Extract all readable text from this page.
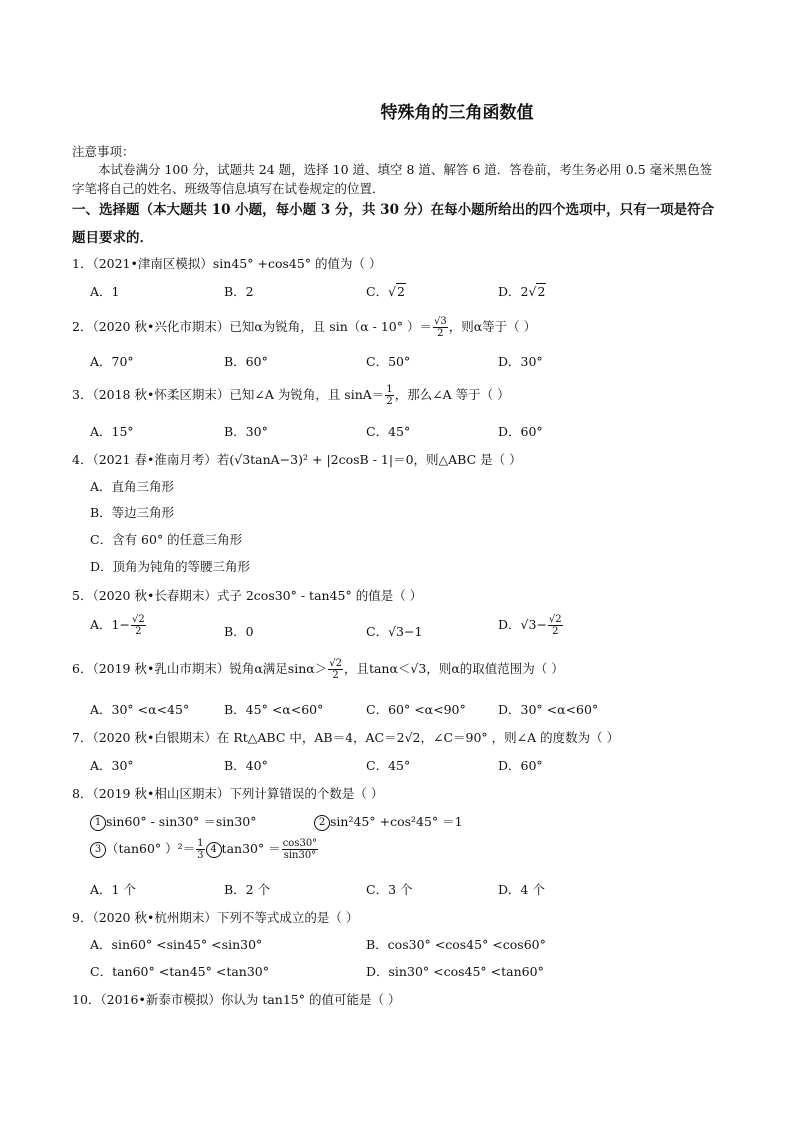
特殊角的三角函数值
注意事项：
本试卷满分 100 分，试题共 24 题，选择 10 道、填空 8 道、解答 6 道．答卷前，考生务必用 0.5 毫米黑色签字笔将自己的姓名、班级等信息填写在试卷规定的位置．
一、选择题（本大题共 10 小题，每小题 3 分，共 30 分）在每小题所给出的四个选项中，只有一项是符合题目要求的．
1．（2021•津南区模拟）sin45° +cos45° 的值为（ ）
A．1	B．2	C．√2	D．2√2
2．（2020 秋•兴化市期末）已知α为锐角，且 sin（α - 10° ）＝ $\frac{√3}{2}$ ，则α等于（ ）
A．70°	B．60°	C．50°	D．30°
3．（2018 秋•怀柔区期末）已知∠A 为锐角，且 $\sin A= \frac{1}{2}$ ，那么∠A 等于（ ）
A．15°	B．30°	C．45°	D．60°
4．（2021 春•淮南月考）若(√3tanA−3)² + |2cosB - 1|＝0，则△ABC 是（ ）
A．直角三角形
B．等边三角形
C．含有 60° 的任意三角形
D．顶角为钝角的等腰三角形
5．（2020 秋•长春期末）式子 2cos30° - tan45° 的值是（ ）
A．$1- \frac{√2}{2}$	B．0	C．√3−1	D．$√3- \frac{√2}{2}$
6．（2019 秋•乳山市期末）锐角α满足$\sin\alpha> \frac{√2}{2}$ ，且tanα＜√3，则α的取值范围为（ ）
A．30° <α<45°	B．45° <α<60°	C．60° <α<90°	D．30° <α<60°
7．（2020 秋•白银期末）在 Rt△ABC 中，AB＝4，AC＝2√2，∠C＝90° ，则∠A 的度数为（ ）
A．30°	B．40°	C．45°	D．60°
8．（2019 秋•相山区期末）下列计算错误的个数是（ ）
1 sin60° - sin30° ＝sin30°	2 sin²45° +cos²45° ＝1
3 （tan60° ）$^2= \frac{1}{3} 4$ $\tan 30^\circ = \frac{\cos 30^\circ}{\sin 30^\circ}$
A．1 个	B．2 个	C．3 个	D．4 个
9．（2020 秋•杭州期末）下列不等式成立的是（ ）
A．sin60° <sin45° <sin30°	B．cos30° <cos45° <cos60°
C．tan60° <tan45° <tan30°	D．sin30° <cos45° <tan60°
10．（2016•新泰市模拟）你认为 tan15° 的值可能是（ ）
